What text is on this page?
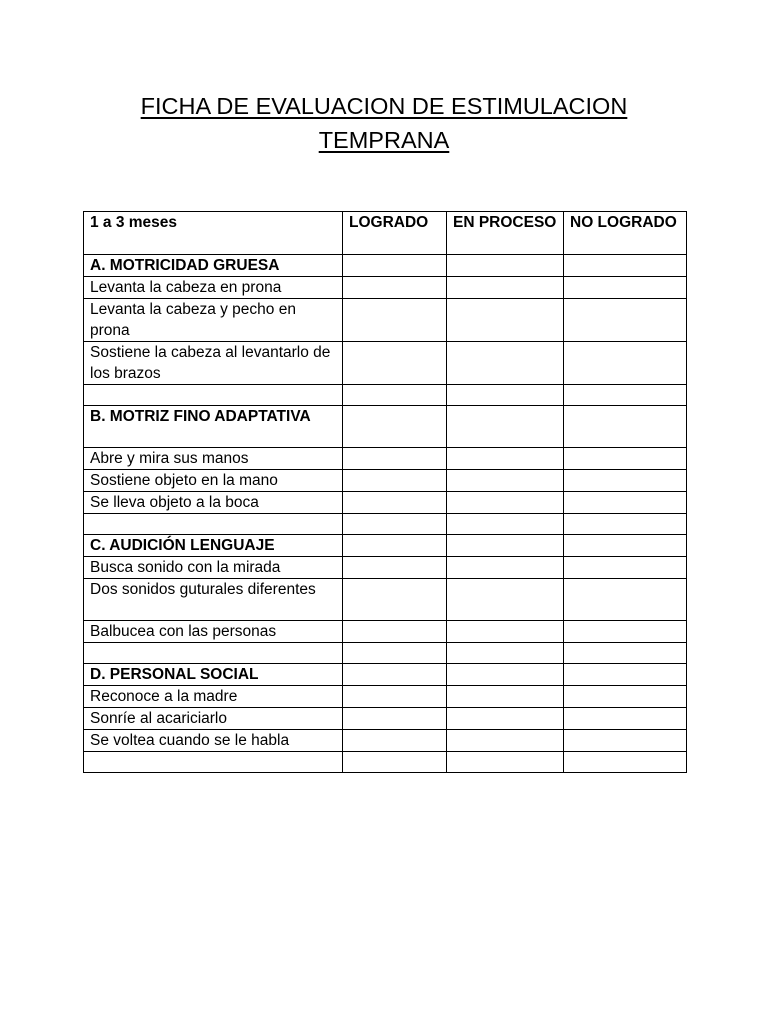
FICHA DE EVALUACION DE ESTIMULACION
TEMPRANA
1 a 3 meses	LOGRADO	EN PROCESO	NO LOGRADO
A. MOTRICIDAD GRUESA			
Levanta la cabeza en prona			
Levanta la cabeza y pecho en prona			
Sostiene la cabeza al levantarlo de los brazos			

B. MOTRIZ FINO ADAPTATIVA			
Abre y mira sus manos			
Sostiene objeto en la mano			
Se lleva objeto a la boca			

C. AUDICIÓN LENGUAJE			
Busca sonido con la mirada			
Dos sonidos guturales diferentes			
Balbucea con las personas			

D. PERSONAL SOCIAL			
Reconoce a la madre			
Sonríe al acariciarlo			
Se voltea cuando se le habla			
